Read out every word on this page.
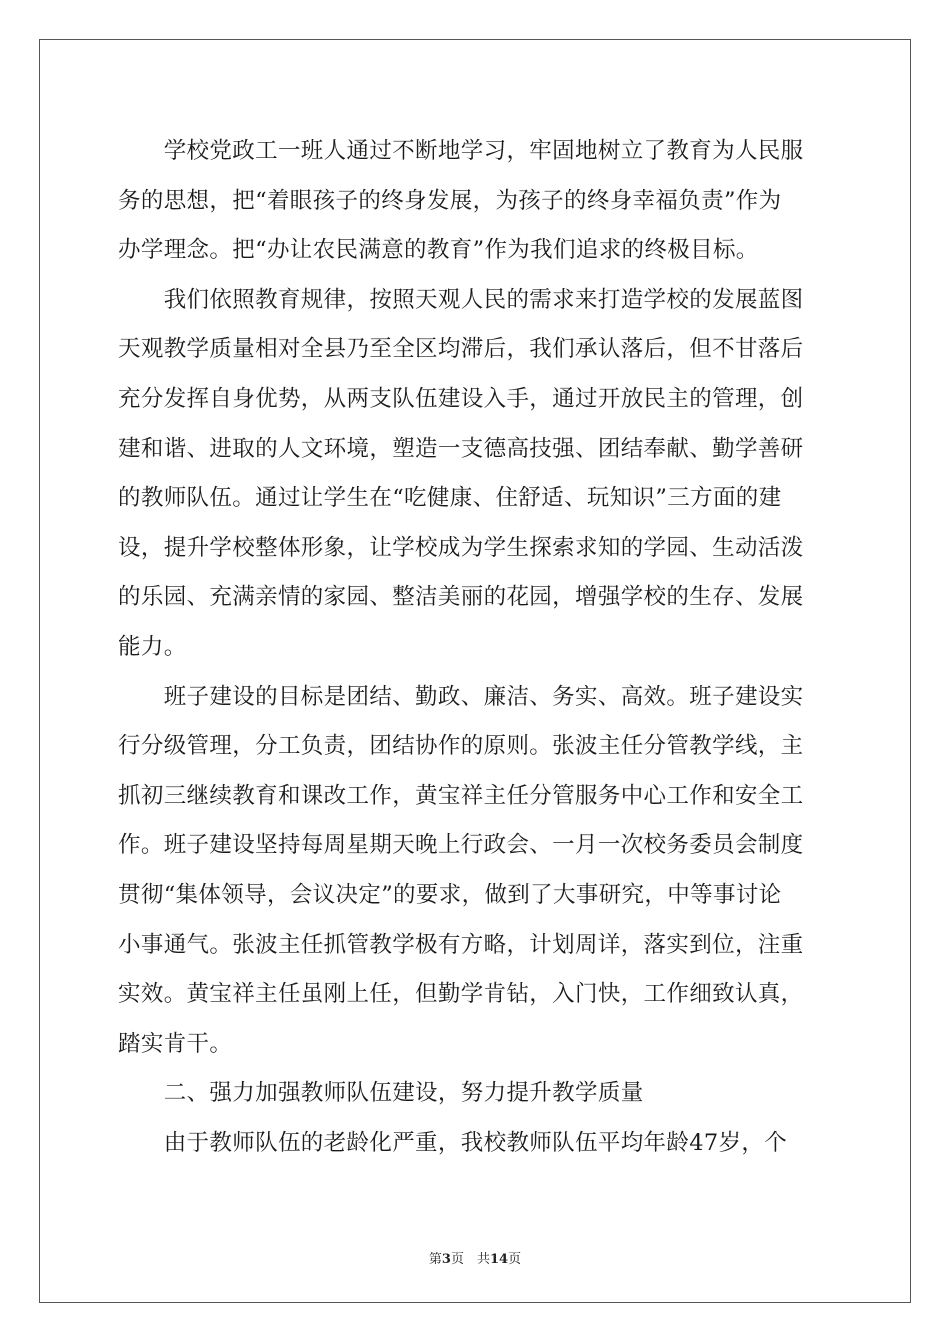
　　学校党政工一班人通过不断地学习，牢固地树立了教育为人民服
务的思想，把“着眼孩子的终身发展，为孩子的终身幸福负责”作为
办学理念。把“办让农民满意的教育”作为我们追求的终极目标。
　　我们依照教育规律，按照天观人民的需求来打造学校的发展蓝图
天观教学质量相对全县乃至全区均滞后，我们承认落后，但不甘落后
充分发挥自身优势，从两支队伍建设入手，通过开放民主的管理，创
建和谐、进取的人文环境，塑造一支德高技强、团结奉献、勤学善研
的教师队伍。通过让学生在“吃健康、住舒适、玩知识”三方面的建
设，提升学校整体形象，让学校成为学生探索求知的学园、生动活泼
的乐园、充满亲情的家园、整洁美丽的花园，增强学校的生存、发展
能力。
　　班子建设的目标是团结、勤政、廉洁、务实、高效。班子建设实
行分级管理，分工负责，团结协作的原则。张波主任分管教学线，主
抓初三继续教育和课改工作，黄宝祥主任分管服务中心工作和安全工
作。班子建设坚持每周星期天晚上行政会、一月一次校务委员会制度
贯彻“集体领导，会议决定”的要求，做到了大事研究，中等事讨论
小事通气。张波主任抓管教学极有方略，计划周详，落实到位，注重
实效。黄宝祥主任虽刚上任，但勤学肯钻，入门快，工作细致认真，
踏实肯干。
　　二、强力加强教师队伍建设，努力提升教学质量
　　由于教师队伍的老龄化严重，我校教师队伍平均年龄47岁，个
第3页　共14页
